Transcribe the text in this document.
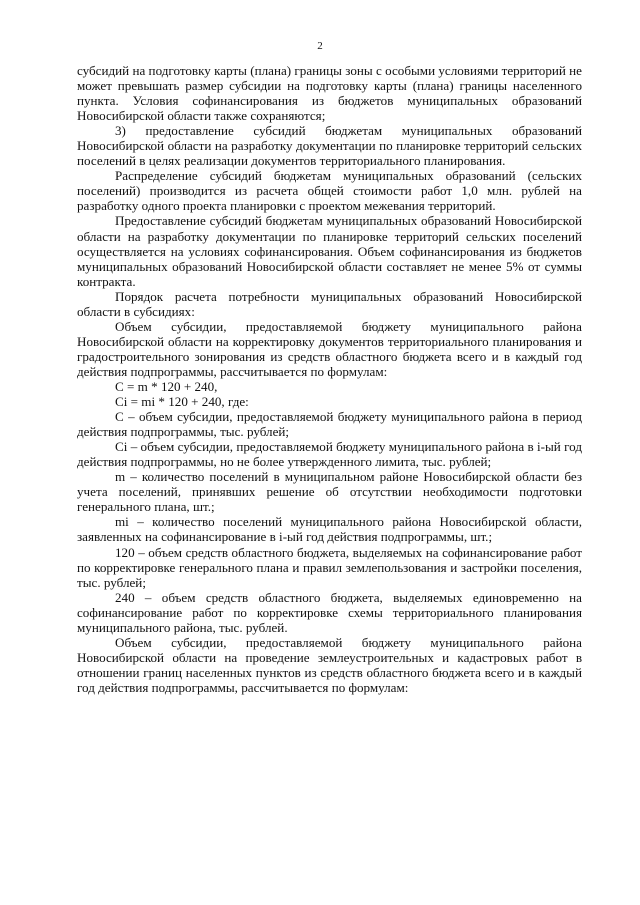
2

субсидий на подготовку карты (плана) границы зоны с особыми условиями территорий не может превышать размер субсидии на подготовку карты (плана) границы населенного пункта. Условия софинансирования из бюджетов муниципальных образований Новосибирской области также сохраняются;

3) предоставление субсидий бюджетам муниципальных образований Новосибирской области на разработку документации по планировке территорий сельских поселений в целях реализации документов территориального планирования.

Распределение субсидий бюджетам муниципальных образований (сельских поселений) производится из расчета общей стоимости работ 1,0 млн. рублей на разработку одного проекта планировки с проектом межевания территорий.

Предоставление субсидий бюджетам муниципальных образований Новосибирской области на разработку документации по планировке территорий сельских поселений осуществляется на условиях софинансирования. Объем софинансирования из бюджетов муниципальных образований Новосибирской области составляет не менее 5% от суммы контракта.

Порядок расчета потребности муниципальных образований Новосибирской области в субсидиях:

Объем субсидии, предоставляемой бюджету муниципального района Новосибирской области на корректировку документов территориального планирования и градостроительного зонирования из средств областного бюджета всего и в каждый год действия подпрограммы, рассчитывается по формулам:

C = m * 120 + 240,

Ci = mi * 120 + 240, где:

C – объем субсидии, предоставляемой бюджету муниципального района в период действия подпрограммы, тыс. рублей;

Ci – объем субсидии, предоставляемой бюджету муниципального района в i-ый год действия подпрограммы, но не более утвержденного лимита, тыс. рублей;

m – количество поселений в муниципальном районе Новосибирской области без учета поселений, принявших решение об отсутствии необходимости подготовки генерального плана, шт.;

mi – количество поселений муниципального района Новосибирской области, заявленных на софинансирование в i-ый год действия подпрограммы, шт.;

120 – объем средств областного бюджета, выделяемых на софинансирование работ по корректировке генерального плана и правил землепользования и застройки поселения, тыс. рублей;

240 – объем средств областного бюджета, выделяемых единовременно на софинансирование работ по корректировке схемы территориального планирования муниципального района, тыс. рублей.

Объем субсидии, предоставляемой бюджету муниципального района Новосибирской области на проведение землеустроительных и кадастровых работ в отношении границ населенных пунктов из средств областного бюджета всего и в каждый год действия подпрограммы, рассчитывается по формулам:
